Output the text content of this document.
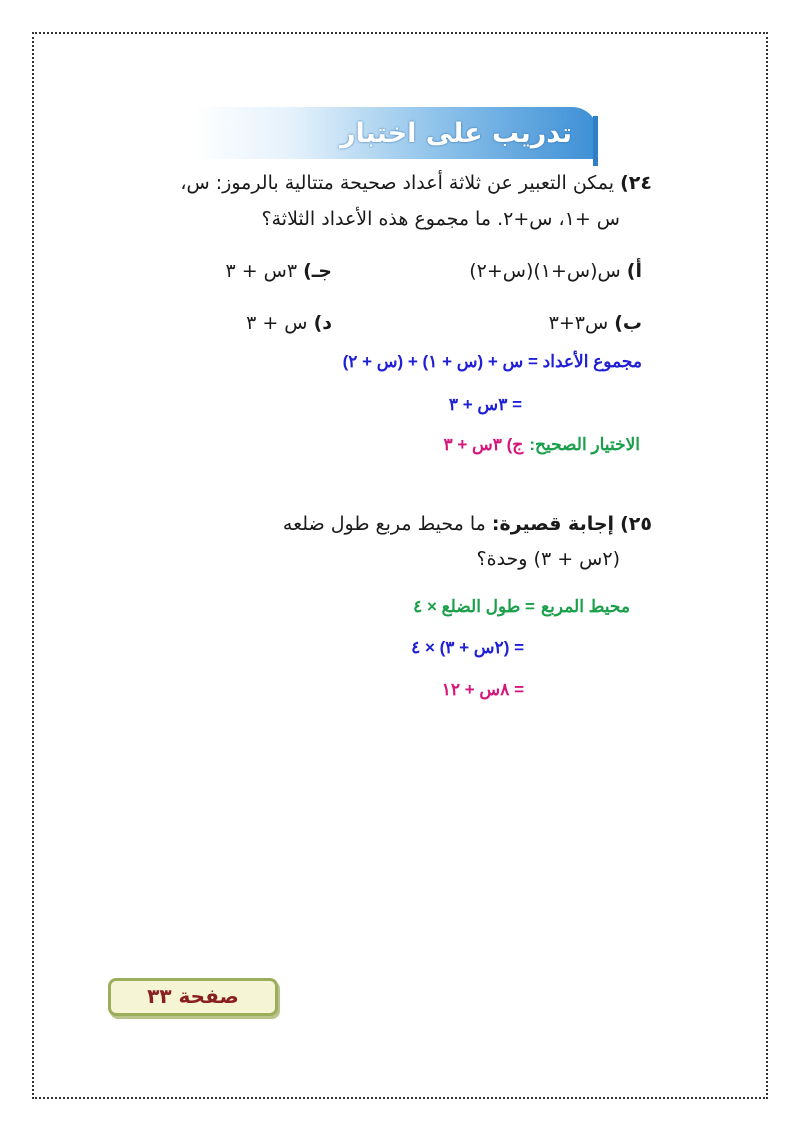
تدريب على اختبار
٢٤) يمكن التعبير عن ثلاثة أعداد صحيحة متتالية بالرموز: س،
س +١، س+٢. ما مجموع هذه الأعداد الثلاثة؟
أ) س(س+١)(س+٢)
جـ) ٣س + ٣
ب) س٣+٣
د) س + ٣
مجموع الأعداد = س + (س + ١) + (س + ٢)
= ٣س + ٣
الاختيار الصحيح: ج) ٣س + ٣
٢٥) إجابة قصيرة: ما محيط مربع طول ضلعه
(٢س + ٣) وحدة؟
محيط المربع = طول الضلع × ٤
= (٢س + ٣) × ٤
= ٨س + ١٢
صفحة ٣٣
